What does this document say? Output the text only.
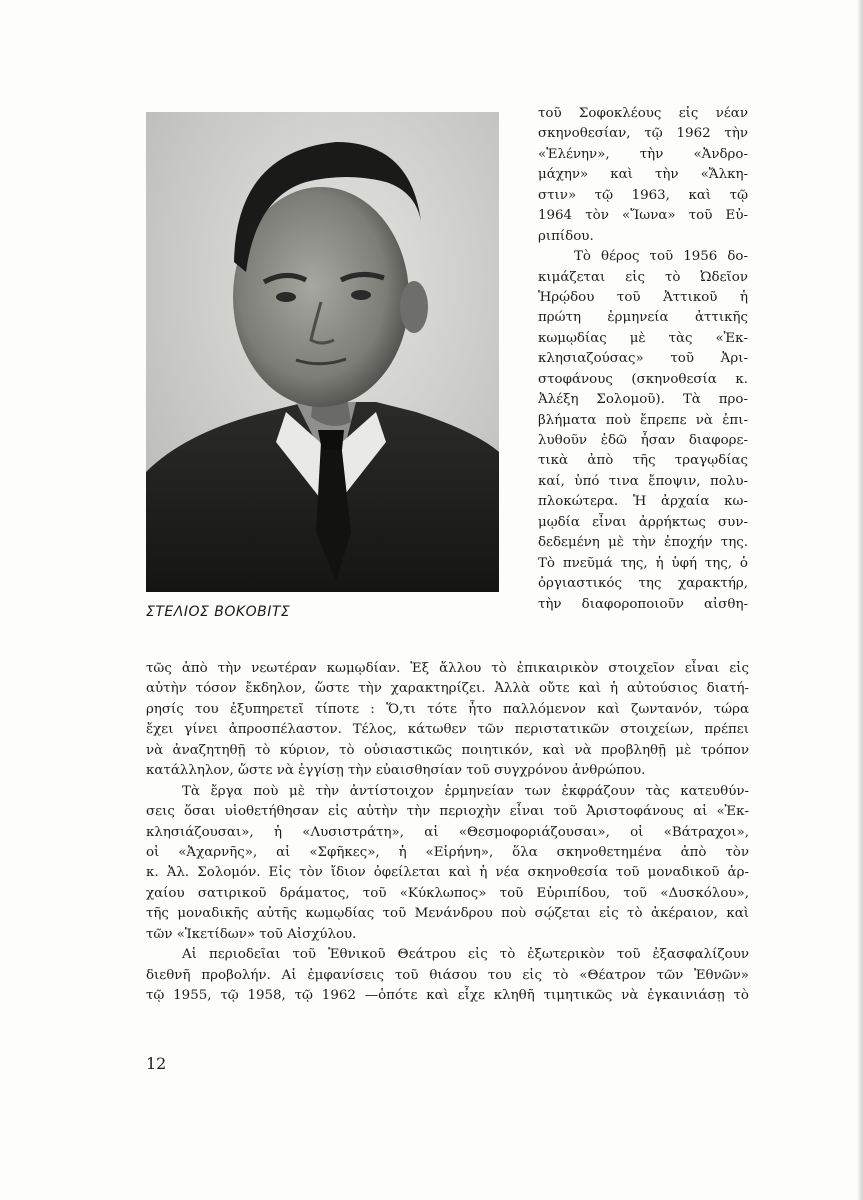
ΣΤΕΛΙΟΣ ΒΟΚΟΒΙΤΣ
τοῦ Σοφοκλέους εἰς νέαν
σκηνοθεσίαν, τῷ 1962 τὴν
«Ἑλένην», τὴν «Ἀνδρο-
μάχην» καὶ τὴν «Ἄλκη-
στιν» τῷ 1963, καὶ τῷ
1964 τὸν «Ἴωνα» τοῦ Εὐ-
ριπίδου.
Τὸ θέρος τοῦ 1956 δο-
κιμάζεται εἰς τὸ Ὠδεῖον
Ἡρῴδου τοῦ Ἀττικοῦ ἡ
πρώτη ἑρμηνεία ἀττικῆς
κωμῳδίας μὲ τὰς «Ἐκ-
κλησιαζούσας» τοῦ Ἀρι-
στοφάνους (σκηνοθεσία κ.
Ἀλέξη Σολομοῦ). Τὰ προ-
βλήματα ποὺ ἔπρεπε νὰ ἐπι-
λυθοῦν ἐδῶ ἦσαν διαφορε-
τικὰ ἀπὸ τῆς τραγῳδίας
καί, ὑπό τινα ἔποψιν, πολυ-
πλοκώτερα. Ἡ ἀρχαία κω-
μῳδία εἶναι ἀρρήκτως συν-
δεδεμένη μὲ τὴν ἐποχήν της.
Τὸ πνεῦμά της, ἡ ὑφή της, ὁ
ὀργιαστικός της χαρακτήρ,
τὴν διαφοροποιοῦν αἰσθη-
τῶς ἀπὸ τὴν νεωτέραν κωμῳδίαν. Ἐξ ἄλλου τὸ ἐπικαιρικὸν στοιχεῖον εἶναι εἰς
αὐτὴν τόσον ἔκδηλον, ὥστε τὴν χαρακτηρίζει. Ἀλλὰ οὔτε καὶ ἡ αὐτούσιος διατή-
ρησίς του ἐξυπηρετεῖ τίποτε : Ὅ,τι τότε ἦτο παλλόμενον καὶ ζωντανόν, τώρα
ἔχει γίνει ἀπροσπέλαστον. Τέλος, κάτωθεν τῶν περιστατικῶν στοιχείων, πρέπει
νὰ ἀναζητηθῇ τὸ κύριον, τὸ οὐσιαστικῶς ποιητικόν, καὶ νὰ προβληθῇ μὲ τρόπον
κατάλληλον, ὥστε νὰ ἐγγίσῃ τὴν εὐαισθησίαν τοῦ συγχρόνου ἀνθρώπου.
Τὰ ἔργα ποὺ μὲ τὴν ἀντίστοιχον ἑρμηνείαν των ἐκφράζουν τὰς κατευθύν-
σεις ὅσαι υἱοθετήθησαν εἰς αὐτὴν τὴν περιοχὴν εἶναι τοῦ Ἀριστοφάνους αἱ «Ἐκ-
κλησιάζουσαι», ἡ «Λυσιστράτη», αἱ «Θεσμοφοριάζουσαι», οἱ «Βάτραχοι»,
οἱ «Ἀχαρνῆς», αἱ «Σφῆκες», ἡ «Εἰρήνη», ὅλα σκηνοθετημένα ἀπὸ τὸν
κ. Ἀλ. Σολομόν. Εἰς τὸν ἴδιον ὀφείλεται καὶ ἡ νέα σκηνοθεσία τοῦ μοναδικοῦ ἀρ-
χαίου σατιρικοῦ δράματος, τοῦ «Κύκλωπος» τοῦ Εὐριπίδου, τοῦ «Δυσκόλου»,
τῆς μοναδικῆς αὐτῆς κωμῳδίας τοῦ Μενάνδρου ποὺ σῴζεται εἰς τὸ ἀκέραιον, καὶ
τῶν «Ἱκετίδων» τοῦ Αἰσχύλου.
Αἱ περιοδεῖαι τοῦ Ἐθνικοῦ Θεάτρου εἰς τὸ ἐξωτερικὸν τοῦ ἐξασφαλίζουν
διεθνῆ προβολήν. Αἱ ἐμφανίσεις τοῦ θιάσου του εἰς τὸ «Θέατρον τῶν Ἐθνῶν»
τῷ 1955, τῷ 1958, τῷ 1962 —ὁπότε καὶ εἶχε κληθῆ τιμητικῶς νὰ ἐγκαινιάσῃ τὸ
12
